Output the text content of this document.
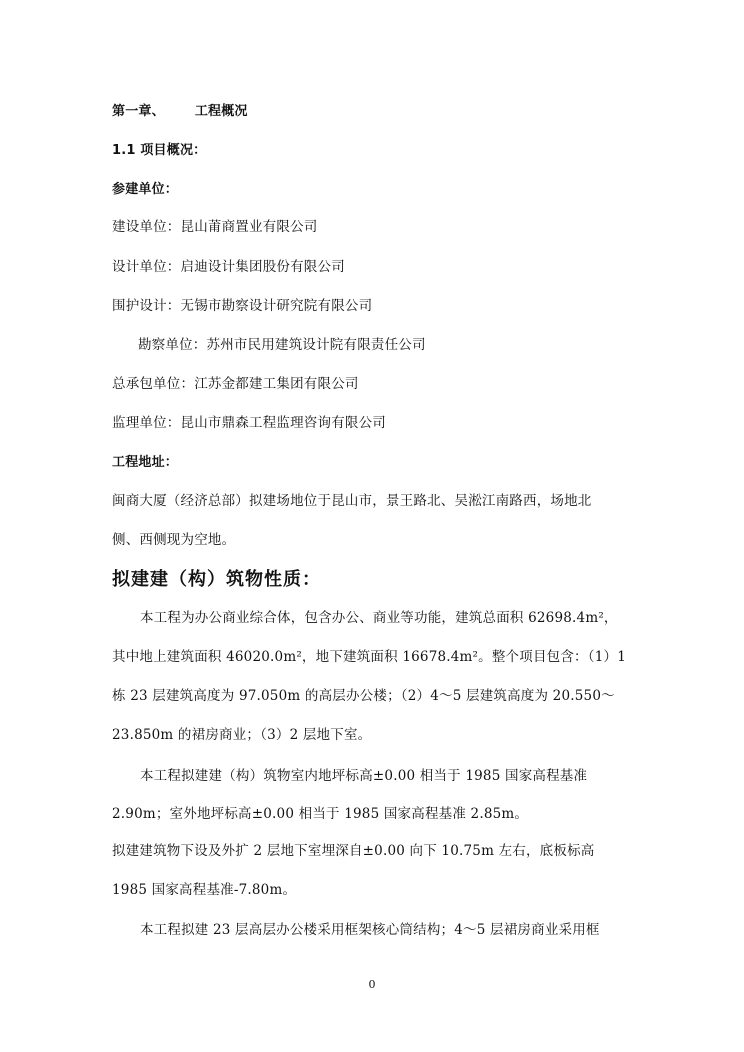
第一章、 工程概况
1.1 项目概况：
参建单位：
建设单位：昆山莆商置业有限公司
设计单位：启迪设计集团股份有限公司
围护设计：无锡市勘察设计研究院有限公司
勘察单位：苏州市民用建筑设计院有限责任公司
总承包单位：江苏金都建工集团有限公司
监理单位：昆山市鼎森工程监理咨询有限公司
工程地址：
闽商大厦（经济总部）拟建场地位于昆山市，景王路北、吴淞江南路西，场地北
侧、西侧现为空地。
拟建建（构）筑物性质：
本工程为办公商业综合体，包含办公、商业等功能，建筑总面积 62698.4m²，
其中地上建筑面积 46020.0m²，地下建筑面积 16678.4m²。整个项目包含：（1）1
栋 23 层建筑高度为 97.050m 的高层办公楼；（2）4～5 层建筑高度为 20.550～
23.850m 的裙房商业；（3）2 层地下室。
本工程拟建建（构）筑物室内地坪标高±0.00 相当于 1985 国家高程基准
2.90m；室外地坪标高±0.00 相当于 1985 国家高程基准 2.85m。
拟建建筑物下设及外扩 2 层地下室埋深自±0.00 向下 10.75m 左右，底板标高
1985 国家高程基准-7.80m。
本工程拟建 23 层高层办公楼采用框架核心筒结构；4～5 层裙房商业采用框
0
